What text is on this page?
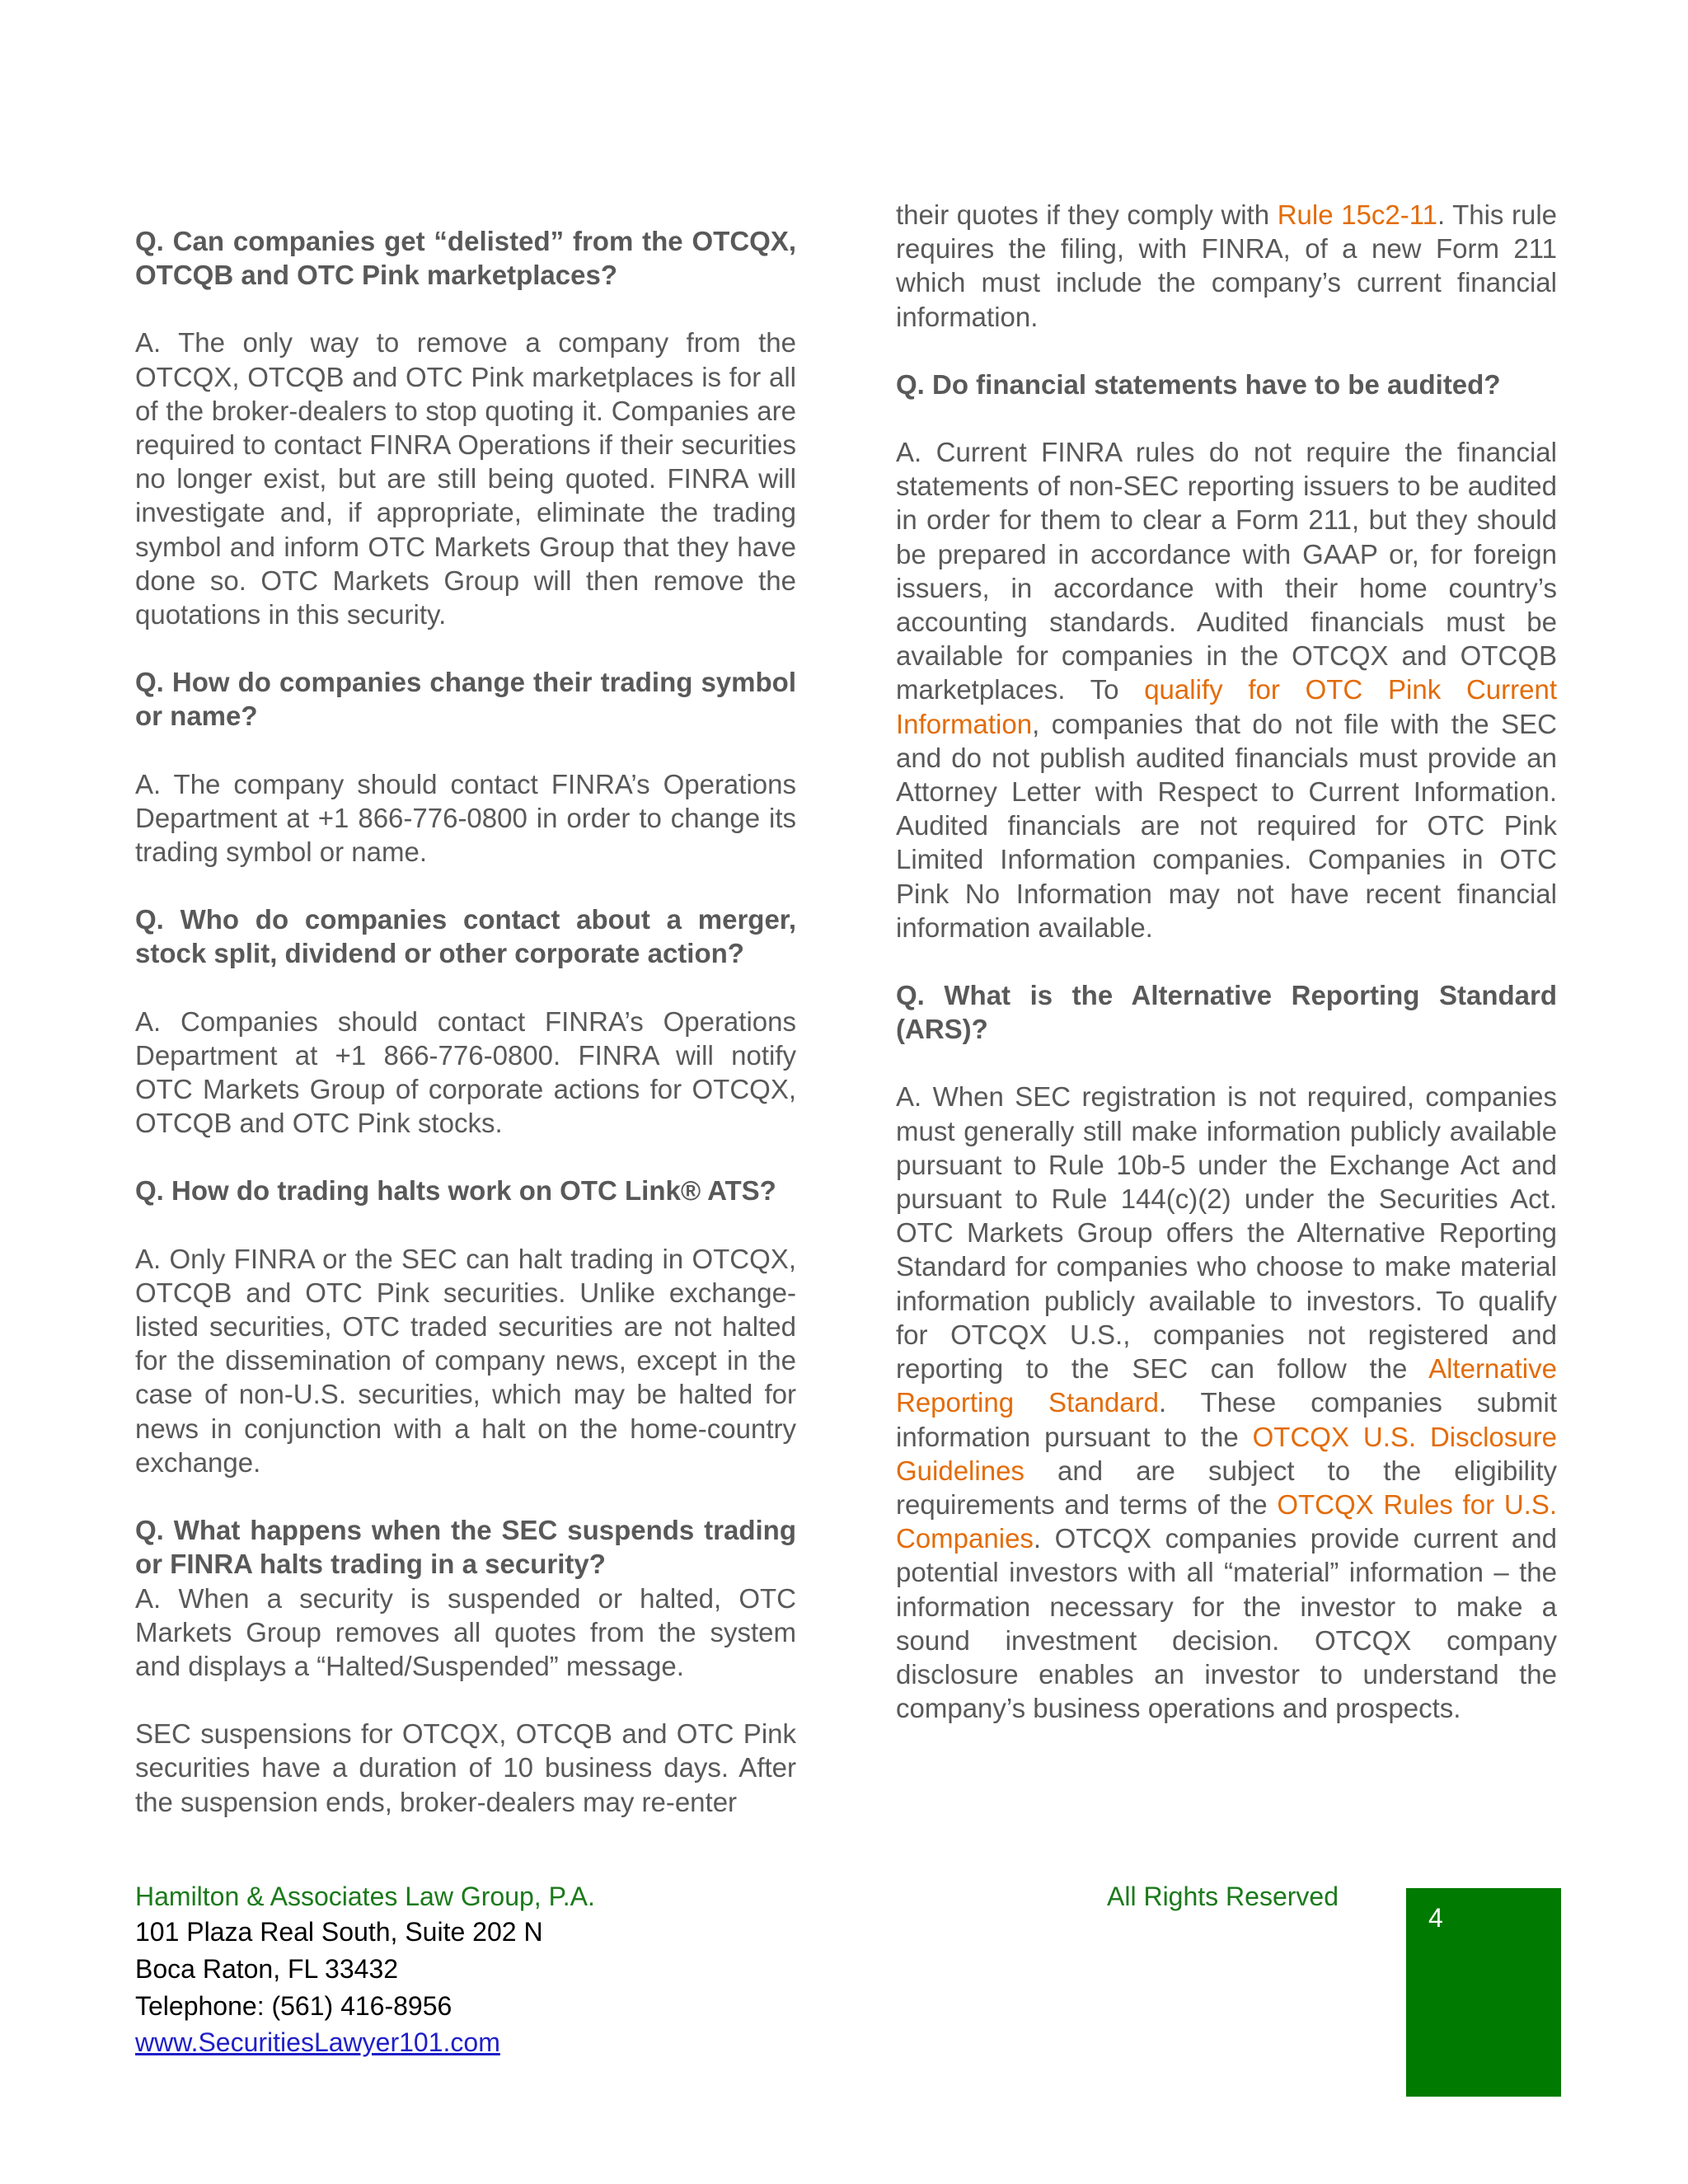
Q. Can companies get “delisted” from the OTCQX, OTCQB and OTC Pink marketplaces?

A. The only way to remove a company from the OTCQX, OTCQB and OTC Pink marketplaces is for all of the broker-dealers to stop quoting it. Companies are required to contact FINRA Operations if their securities no longer exist, but are still being quoted. FINRA will investigate and, if appropriate, eliminate the trading symbol and inform OTC Markets Group that they have done so. OTC Markets Group will then remove the quotations in this security.

Q. How do companies change their trading symbol or name?

A. The company should contact FINRA’s Operations Department at +1 866-776-0800 in order to change its trading symbol or name.

Q. Who do companies contact about a merger, stock split, dividend or other corporate action?

A. Companies should contact FINRA’s Operations Department at +1 866-776-0800. FINRA will notify OTC Markets Group of corporate actions for OTCQX, OTCQB and OTC Pink stocks.

Q. How do trading halts work on OTC Link® ATS?

A. Only FINRA or the SEC can halt trading in OTCQX, OTCQB and OTC Pink securities. Unlike exchange-listed securities, OTC traded securities are not halted for the dissemination of company news, except in the case of non-U.S. securities, which may be halted for news in conjunction with a halt on the home-country exchange.

Q. What happens when the SEC suspends trading or FINRA halts trading in a security?

A. When a security is suspended or halted, OTC Markets Group removes all quotes from the system and displays a “Halted/Suspended” message.

SEC suspensions for OTCQX, OTCQB and OTC Pink securities have a duration of 10 business days. After the suspension ends, broker-dealers may re-enter

their quotes if they comply with Rule 15c2-11. This rule requires the filing, with FINRA, of a new Form 211 which must include the company’s current financial information.

Q. Do financial statements have to be audited?

A. Current FINRA rules do not require the financial statements of non-SEC reporting issuers to be audited in order for them to clear a Form 211, but they should be prepared in accordance with GAAP or, for foreign issuers, in accordance with their home country’s accounting standards. Audited financials must be available for companies in the OTCQX and OTCQB marketplaces. To qualify for OTC Pink Current Information, companies that do not file with the SEC and do not publish audited financials must provide an Attorney Letter with Respect to Current Information. Audited financials are not required for OTC Pink Limited Information companies. Companies in OTC Pink No Information may not have recent financial information available.

Q. What is the Alternative Reporting Standard (ARS)?

A. When SEC registration is not required, companies must generally still make information publicly available pursuant to Rule 10b-5 under the Exchange Act and pursuant to Rule 144(c)(2) under the Securities Act. OTC Markets Group offers the Alternative Reporting Standard for companies who choose to make material information publicly available to investors. To qualify for OTCQX U.S., companies not registered and reporting to the SEC can follow the Alternative Reporting Standard. These companies submit information pursuant to the OTCQX U.S. Disclosure Guidelines and are subject to the eligibility requirements and terms of the OTCQX Rules for U.S. Companies. OTCQX companies provide current and potential investors with all “material” information – the information necessary for the investor to make a sound investment decision. OTCQX company disclosure enables an investor to understand the company’s business operations and prospects.

Hamilton & Associates Law Group, P.A.
101 Plaza Real South, Suite 202 N
Boca Raton, FL 33432
Telephone: (561) 416-8956
www.SecuritiesLawyer101.com
All Rights Reserved
4
